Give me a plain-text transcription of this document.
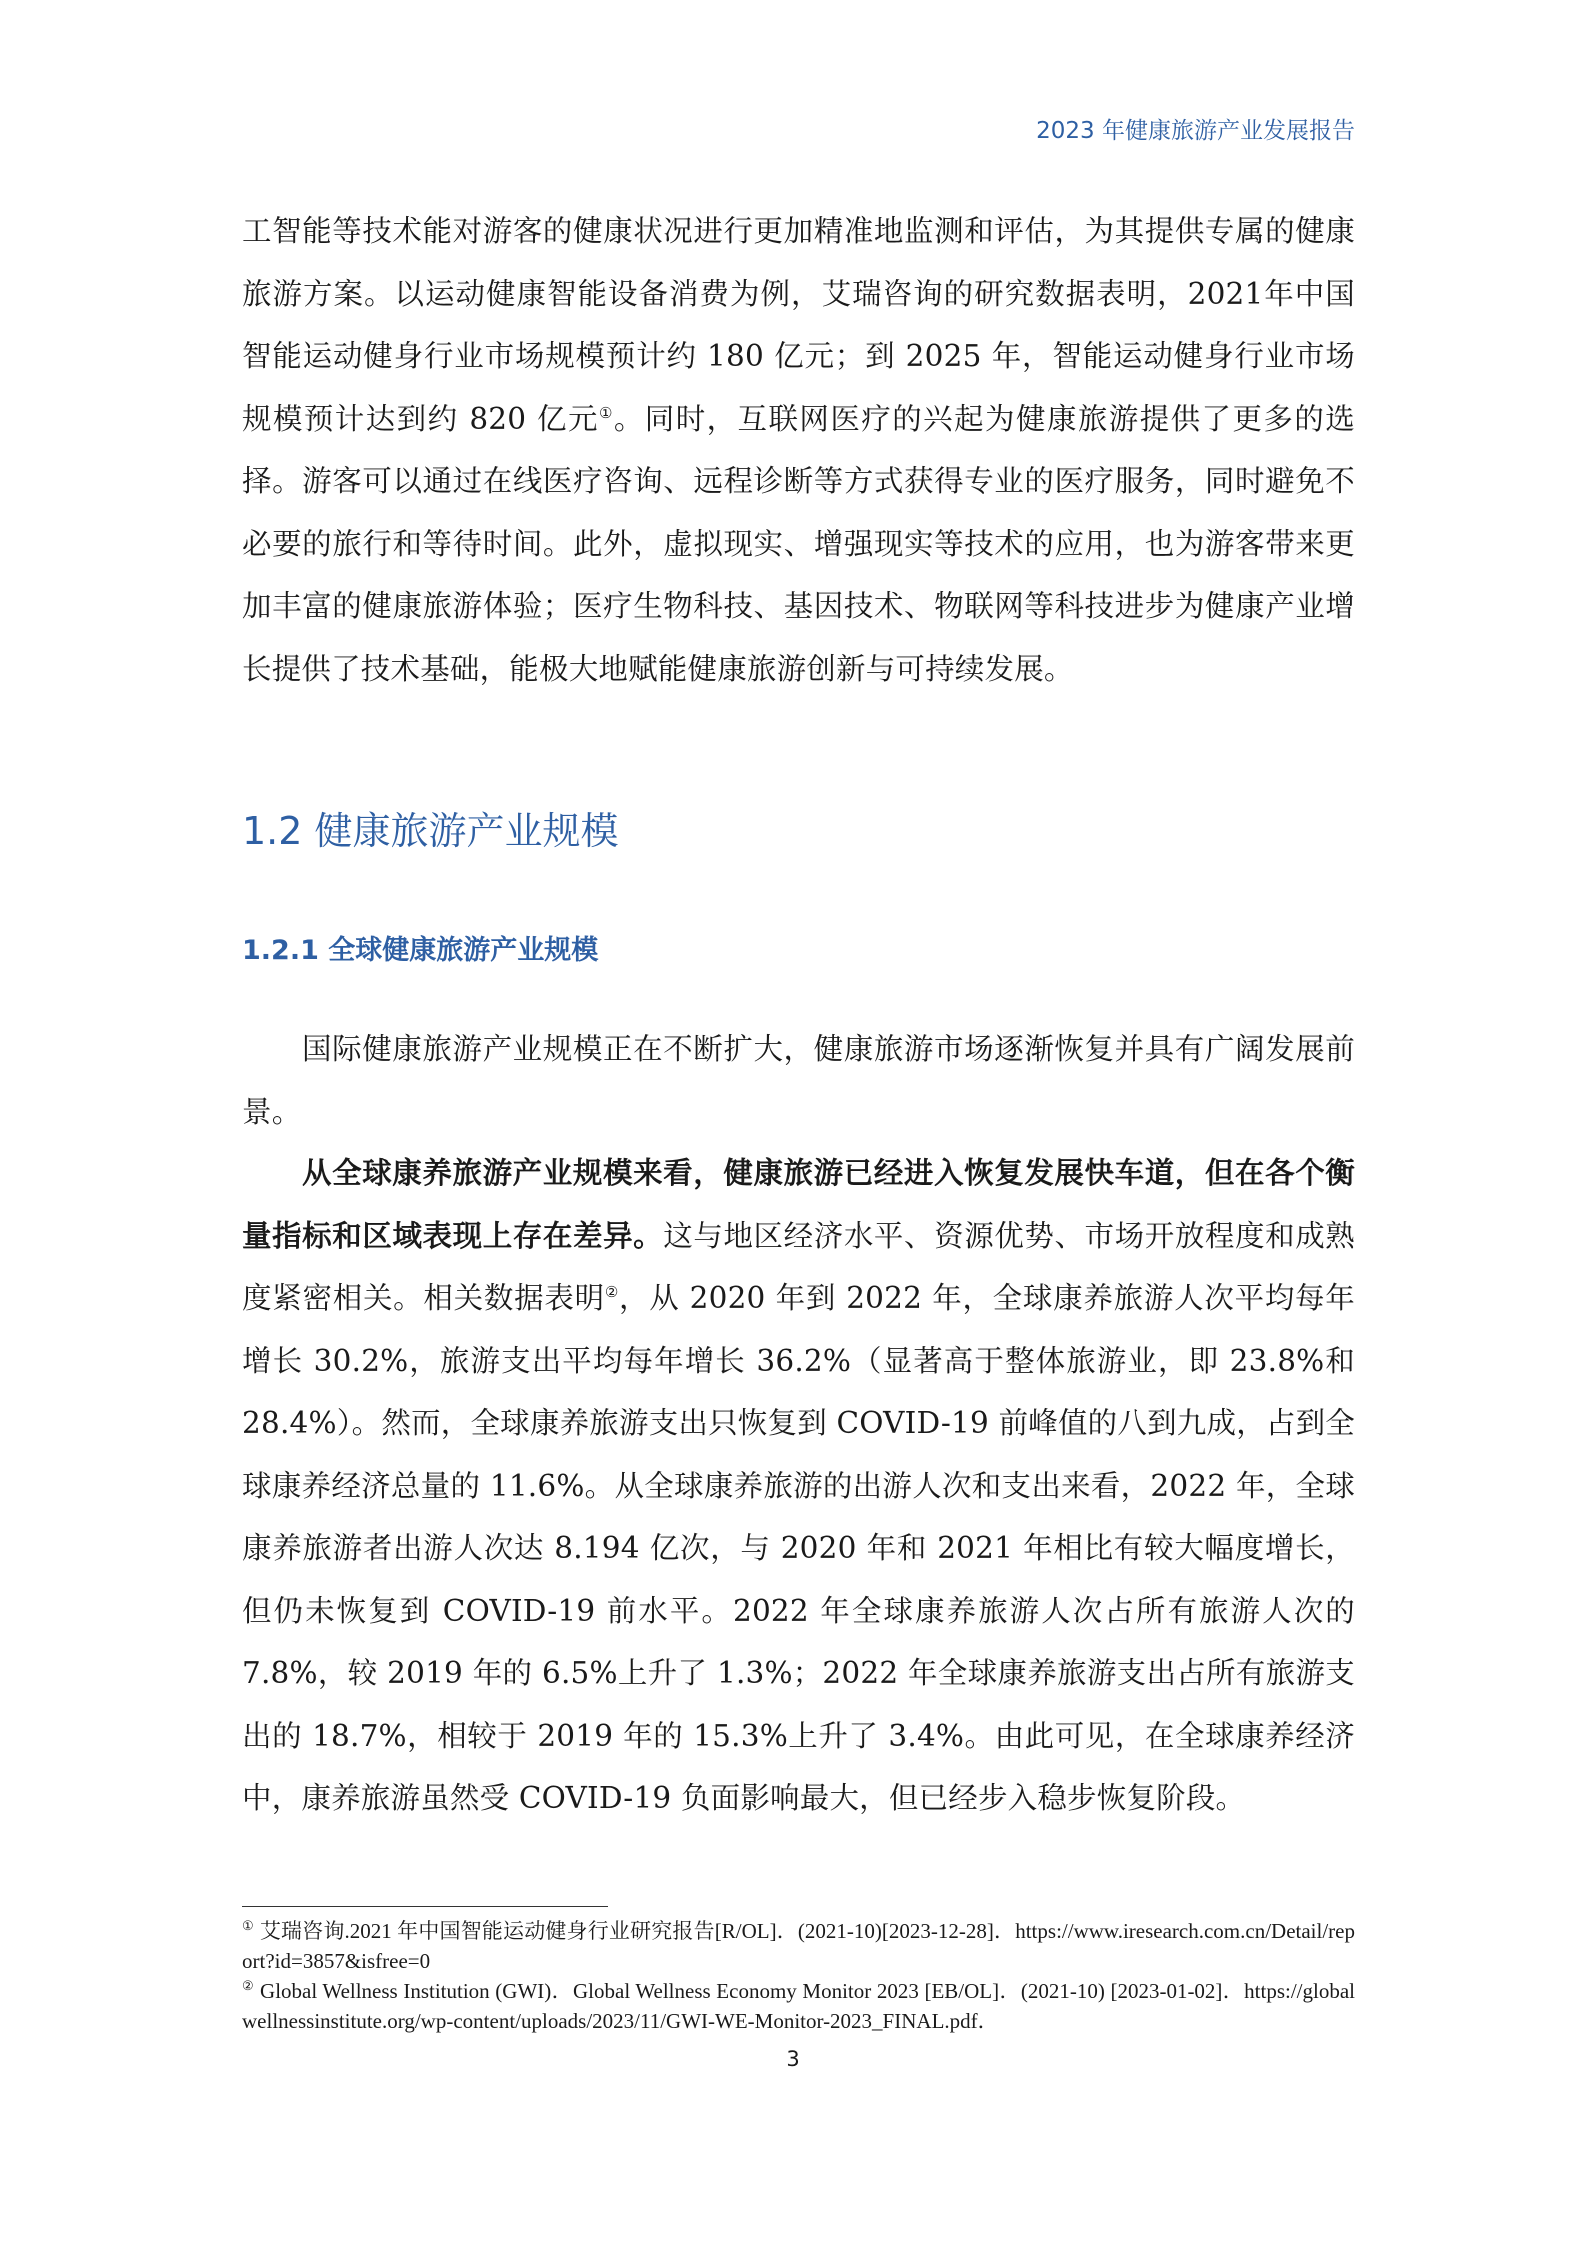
2023 年健康旅游产业发展报告

工智能等技术能对游客的健康状况进行更加精准地监测和评估，为其提供专属的健康旅游方案。以运动健康智能设备消费为例，艾瑞咨询的研究数据表明，2021年中国智能运动健身行业市场规模预计约 180 亿元；到 2025 年，智能运动健身行业市场规模预计达到约 820 亿元①。同时，互联网医疗的兴起为健康旅游提供了更多的选择。游客可以通过在线医疗咨询、远程诊断等方式获得专业的医疗服务，同时避免不必要的旅行和等待时间。此外，虚拟现实、增强现实等技术的应用，也为游客带来更加丰富的健康旅游体验；医疗生物科技、基因技术、物联网等科技进步为健康产业增长提供了技术基础，能极大地赋能健康旅游创新与可持续发展。

1.2 健康旅游产业规模
1.2.1 全球健康旅游产业规模

国际健康旅游产业规模正在不断扩大，健康旅游市场逐渐恢复并具有广阔发展前景。

从全球康养旅游产业规模来看，健康旅游已经进入恢复发展快车道，但在各个衡量指标和区域表现上存在差异。这与地区经济水平、资源优势、市场开放程度和成熟度紧密相关。相关数据表明②，从 2020 年到 2022 年，全球康养旅游人次平均每年增长 30.2%，旅游支出平均每年增长 36.2%（显著高于整体旅游业，即 23.8%和 28.4%）。然而，全球康养旅游支出只恢复到 COVID-19 前峰值的八到九成，占到全球康养经济总量的 11.6%。从全球康养旅游的出游人次和支出来看，2022 年，全球康养旅游者出游人次达 8.194 亿次，与 2020 年和 2021 年相比有较大幅度增长，但仍未恢复到 COVID-19 前水平。2022 年全球康养旅游人次占所有旅游人次的 7.8%，较 2019 年的 6.5%上升了 1.3%；2022 年全球康养旅游支出占所有旅游支出的 18.7%，相较于 2019 年的 15.3%上升了 3.4%。由此可见，在全球康养经济中，康养旅游虽然受 COVID-19 负面影响最大，但已经步入稳步恢复阶段。

① 艾瑞咨询.2021 年中国智能运动健身行业研究报告[R/OL]．(2021-10)[2023-12-28]．https://www.iresearch.com.cn/Detail/report?id=3857&isfree=0

② Global Wellness Institution (GWI)．Global Wellness Economy Monitor 2023 [EB/OL]．(2021-10) [2023-01-02]．https://globalwellnessinstitute.org/wp-content/uploads/2023/11/GWI-WE-Monitor-2023_FINAL.pdf．

3
